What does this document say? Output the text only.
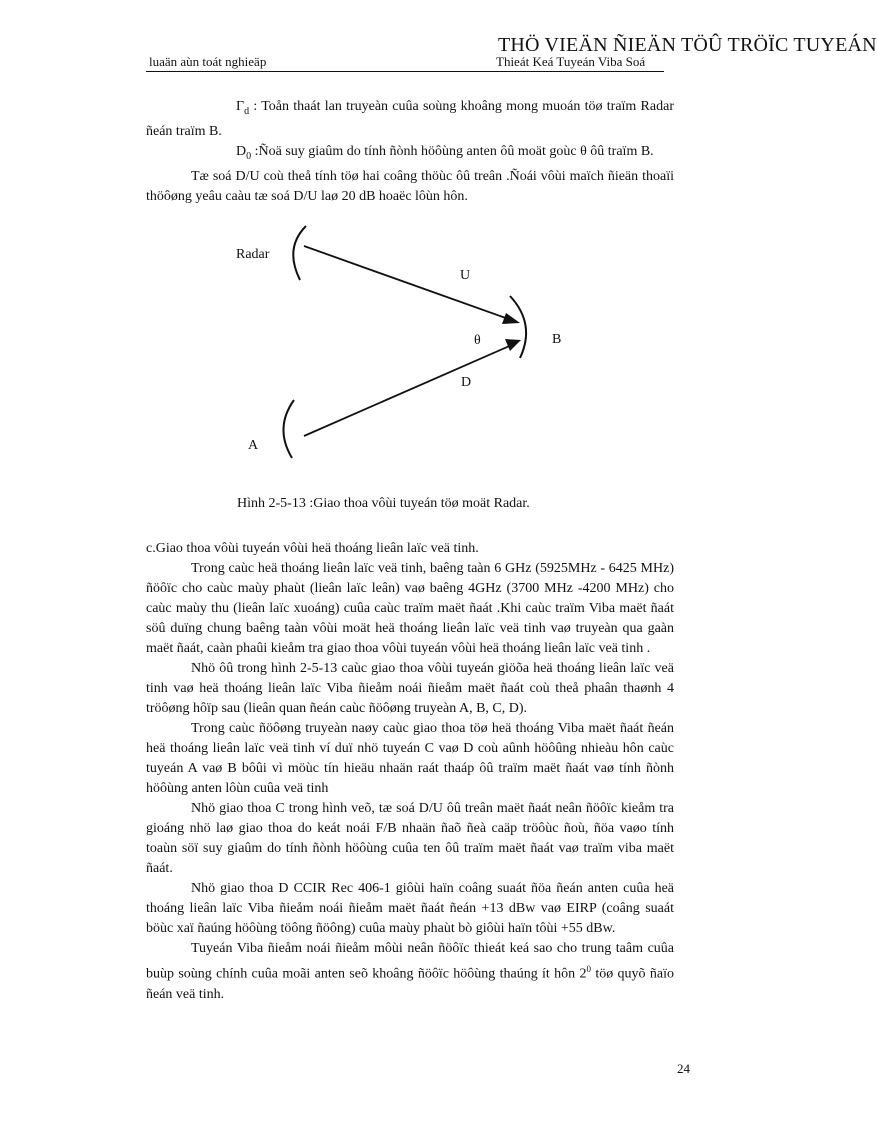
THÖ VIEÄN ÑIEÄN TÖÛ TRÖÏC TUYEÁN
luaän aùn toát nghieäp	Thieát Keá Tuyeán Viba Soá

$\Gamma_d$ : Toån thaát lan truyeàn cuûa soùng khoâng mong muoán töø traïm Radar ñeán traïm B.

$D_0$ :Ñoä suy giaûm do tính ñònh höôùng anten ôû moät goùc θ ôû traïm B.

Tæ soá D/U coù theå tính töø hai coâng thöùc ôû treân .Ñoái vôùi maïch ñieän thoaïi thöôøng yeâu caàu tæ soá D/U laø 20 dB hoaëc lôùn hôn.

Radar
U
θ	B
D
A
Hình 2-5-13 :Giao thoa vôùi tuyeán töø moät Radar.

c.Giao thoa vôùi tuyeán vôùi heä thoáng lieân laïc veä tinh.

Trong caùc heä thoáng lieân laïc veä tinh, baêng taàn 6 GHz (5925MHz - 6425 MHz) ñöôïc cho caùc maùy phaùt (lieân laïc leân) vaø baêng 4GHz (3700 MHz -4200 MHz) cho caùc maùy thu (lieân laïc xuoáng) cuûa caùc traïm maët ñaát .Khi caùc traïm Viba maët ñaát söû duïng chung baêng taàn vôùi moät heä thoáng lieân laïc veä tinh vaø truyeàn qua gaàn maët ñaát, caàn phaûi kieåm tra giao thoa vôùi tuyeán vôùi heä thoáng lieân laïc veä tinh .

Nhö ôû trong hình 2-5-13 caùc giao thoa vôùi tuyeán giöõa heä thoáng lieân laïc veä tinh vaø heä thoáng lieân laïc Viba ñieåm noái ñieåm maët ñaát coù theå phaân thaønh 4 tröôøng hôïp sau (lieân quan ñeán caùc ñöôøng truyeàn A, B, C, D).

Trong caùc ñöôøng truyeàn naøy caùc giao thoa töø heä thoáng Viba maët ñaát ñeán heä thoáng lieân laïc veä tinh ví duï nhö tuyeán C vaø D coù aûnh höôûng nhieàu hôn caùc tuyeán A vaø B bôûi vì möùc tín hieäu nhaän raát thaáp ôû traïm maët ñaát vaø tính ñònh höôùng anten lôùn cuûa veä tinh

Nhö giao thoa C trong hình veõ, tæ soá D/U ôû treân maët ñaát neân ñöôïc kieåm tra gioáng nhö laø giao thoa do keát noái F/B nhaän ñaõ ñeà caäp tröôùc ñoù, ñöa vaøo tính toaùn söï suy giaûm do tính ñònh höôùng cuûa ten ôû traïm maët ñaát vaø traïm viba maët ñaát.

Nhö giao thoa D CCIR Rec 406-1 giôùi haïn coâng suaát ñöa ñeán anten cuûa heä thoáng lieân laïc Viba ñieåm noái ñieåm maët ñaát ñeán +13 dBw vaø EIRP (coâng suaát böùc xaï ñaúng höôùng töông ñöông) cuûa maùy phaùt bò giôùi haïn tôùi +55 dBw.

Tuyeán Viba ñieåm noái ñieåm môùi neân ñöôïc thieát keá sao cho trung taâm cuûa buùp soùng chính cuûa moãi anten seõ khoâng ñöôïc höôùng thaúng ít hôn $2^0$ töø quyõ ñaïo ñeán veä tinh.

24
